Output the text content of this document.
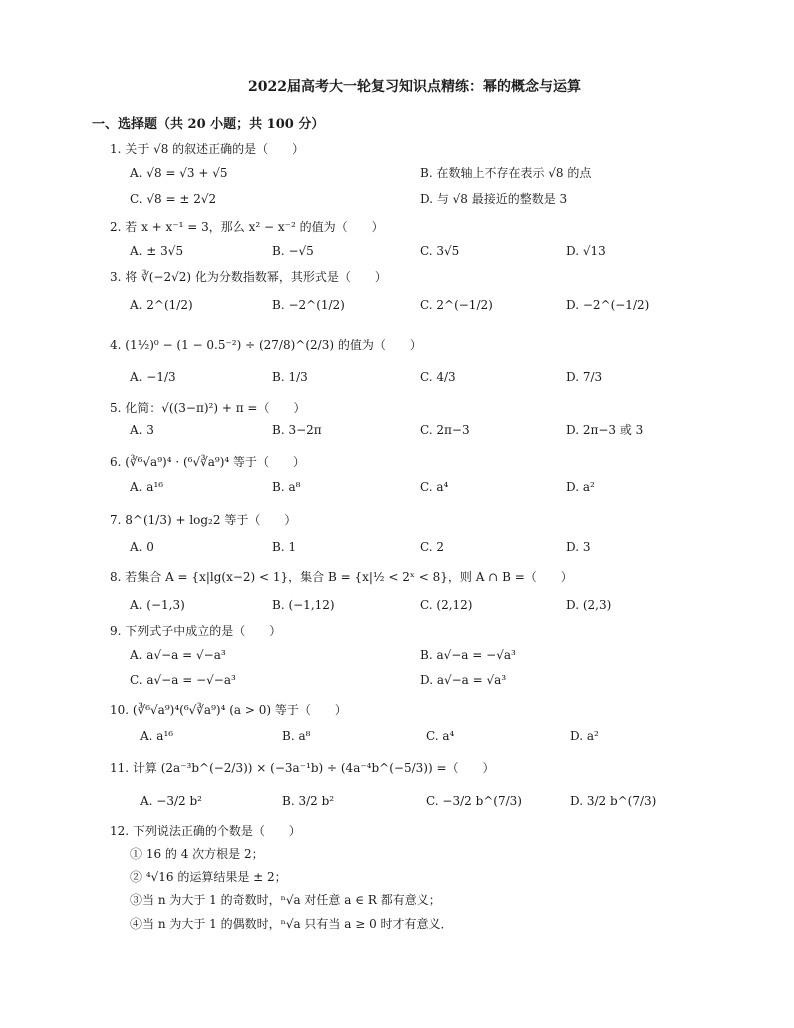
2022届高考大一轮复习知识点精练：幂的概念与运算
一、选择题（共 20 小题；共 100 分）
1. 关于 √8 的叙述正确的是（　　）
A. √8 = √3 + √5	B. 在数轴上不存在表示 √8 的点
C. √8 = ± 2√2	D. 与 √8 最接近的整数是 3
2. 若 x + x⁻¹ = 3，那么 x² − x⁻² 的值为（　　）
A. ± 3√5	B. −√5	C. 3√5	D. √13
3. 将 ∛(−2√2) 化为分数指数幂，其形式是（　　）
A. 2^(1/2)	B. −2^(1/2)	C. 2^(−1/2)	D. −2^(−1/2)
4. (1½)⁰ − (1 − 0.5⁻²) ÷ (27/8)^(2/3) 的值为（　　）
A. −1/3	B. 1/3	C. 4/3	D. 7/3
5. 化简：√((3−π)²) + π =（　　）
A. 3	B. 3−2π	C. 2π−3	D. 2π−3 或 3
6. (∛⁶√a⁹)⁴ · (⁶√∛a⁹)⁴ 等于（　　）
A. a¹⁶	B. a⁸	C. a⁴	D. a²
7. 8^(1/3) + log₂2 等于（　　）
A. 0	B. 1	C. 2	D. 3
8. 若集合 A = {x|lg(x−2) < 1}，集合 B = {x|½ < 2ˣ < 8}，则 A ∩ B =（　　）
A. (−1,3)	B. (−1,12)	C. (2,12)	D. (2,3)
9. 下列式子中成立的是（　　）
A. a√−a = √−a³	B. a√−a = −√a³
C. a√−a = −√−a³	D. a√−a = √a³
10. (∛⁶√a⁹)⁴(⁶√∛a⁹)⁴ (a > 0) 等于（　　）
A. a¹⁶	B. a⁸	C. a⁴	D. a²
11. 计算 (2a⁻³b^(−2/3)) × (−3a⁻¹b) ÷ (4a⁻⁴b^(−5/3)) =（　　）
A. −3/2 b²	B. 3/2 b²	C. −3/2 b^(7/3)	D. 3/2 b^(7/3)
12. 下列说法正确的个数是（　　）
① 16 的 4 次方根是 2；
② ⁴√16 的运算结果是 ± 2；
③当 n 为大于 1 的奇数时，ⁿ√a 对任意 a ∈ R 都有意义；
④当 n 为大于 1 的偶数时，ⁿ√a 只有当 a ≥ 0 时才有意义．
